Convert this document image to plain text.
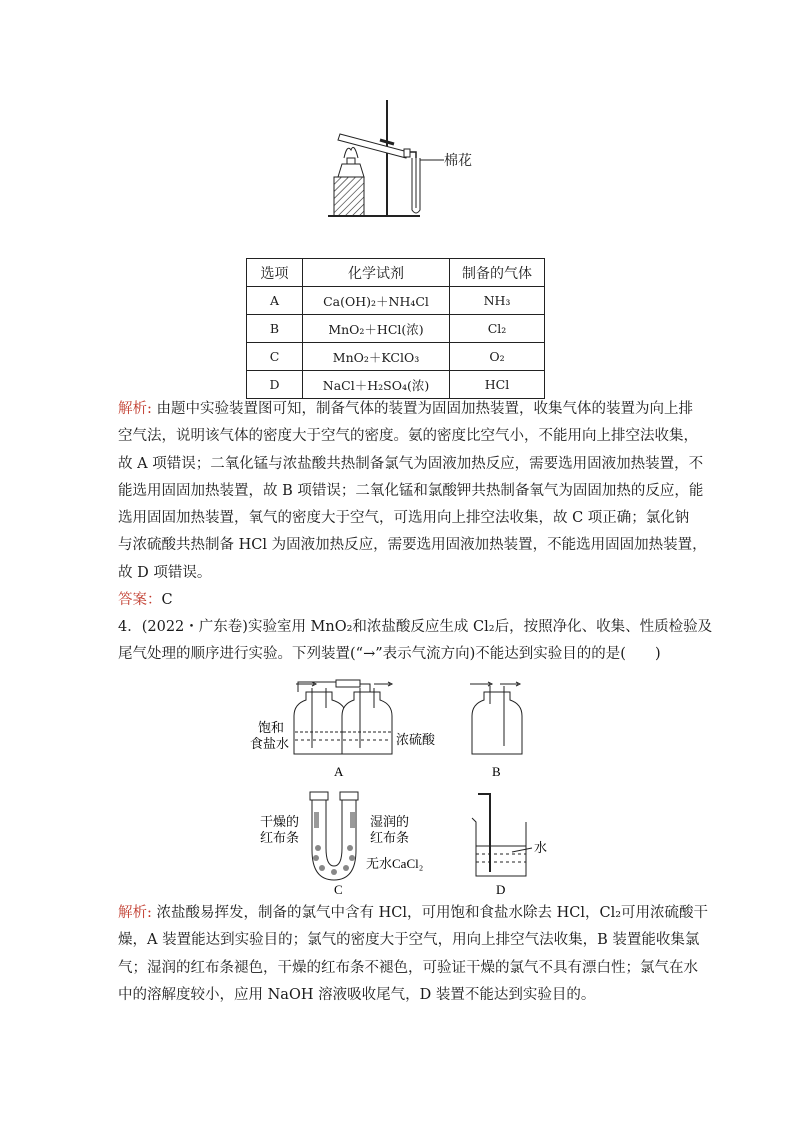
棉花
选项	化学试剂	制备的气体
A	Ca(OH)₂＋NH₄Cl	NH₃
B	MnO₂＋HCl(浓)	Cl₂
C	MnO₂＋KClO₃	O₂
D	NaCl＋H₂SO₄(浓)	HCl

解析: 由题中实验装置图可知，制备气体的装置为固固加热装置，收集气体的装置为向上排

空气法，说明该气体的密度大于空气的密度。氨的密度比空气小，不能用向上排空法收集，

故 A 项错误；二氧化锰与浓盐酸共热制备氯气为固液加热反应，需要选用固液加热装置，不

能选用固固加热装置，故 B 项错误；二氧化锰和氯酸钾共热制备氧气为固固加热的反应，能

选用固固加热装置，氧气的密度大于空气，可选用向上排空法收集，故 C 项正确；氯化钠

与浓硫酸共热制备 HCl 为固液加热反应，需要选用固液加热装置，不能选用固固加热装置，

故 D 项错误。

答案：C

4．(2022・广东卷)实验室用 MnO₂和浓盐酸反应生成 Cl₂后，按照净化、收集、性质检验及

尾气处理的顺序进行实验。下列装置(“→”表示气流方向)不能达到实验目的的是(　　)

饱和
食盐水	浓硫酸
A	B
干燥的
红布条
湿润的
红布条
无水CaCl₂
C
水
D

解析: 浓盐酸易挥发，制备的氯气中含有 HCl，可用饱和食盐水除去 HCl，Cl₂可用浓硫酸干

燥，A 装置能达到实验目的；氯气的密度大于空气，用向上排空气法收集，B 装置能收集氯

气；湿润的红布条褪色，干燥的红布条不褪色，可验证干燥的氯气不具有漂白性；氯气在水

中的溶解度较小，应用 NaOH 溶液吸收尾气，D 装置不能达到实验目的。
